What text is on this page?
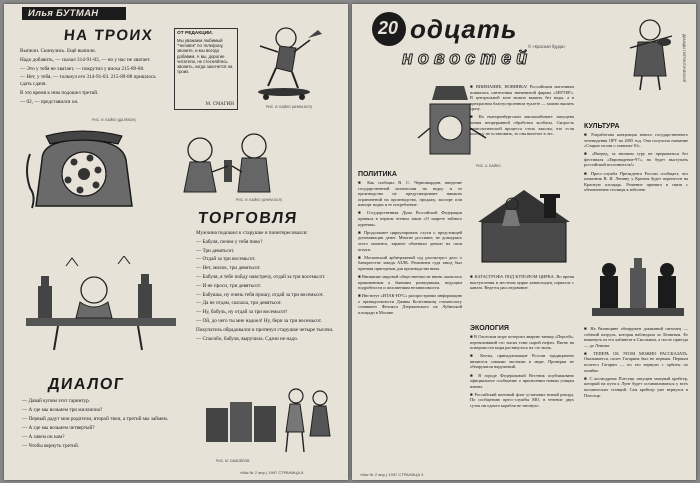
Илья БУТМАН
НА ТРОИХ

Выпили. Скинулись. Ещё выпили.

Надо добавить, — сказал 314-91-03, — но у нас не хватает.

— Это у тебя не хватает, — покрутил у виска 215-89-88.

— Нет, у тебя, — толкнул его 314-91-03. 215-89-88 пришлось сдать сдачи.

В это время к ним подошел третий.

— 02, — представился он.

ОТ РЕДАКЦИИ.
Мы уважаем любимый "человек" по телефону, звоните, и мы всегда добавим. А вы, дорогие читатели, не стесняйтесь звонить, когда захочется на троих.
М. СМАГИН
РИС. И. БАЙКО (АНИМ-КОЛ)
РИС. И. БАЙКО (ДАЛЕКОЕ)
РИС. И. БАЙКО (АНИМ-КОЛ)
ТОРГОВЛЯ

Мужчина подошел к старушке и поинтересовался:

— Бабуля, почем у тебя пиво?

— Три девятьсот.

— Отдай за три восемьсот.

— Нет, милок, три девятьсот.

— Бабуля, я тебе пойду навстречу, отдай за три восемьсот.

— И не проси, три девятьсот.

— Бабушка, ну очень тебя прошу, отдай за три восемьсот.

— Да не отдам, сказала, три девятьсот.

— Ну, бабуль, ну отдай за три восемьсот!

— Ой, до чего ты мне надоел! Ну, бери за три восемьсот.

Покупатель обрадовался и протянул старушке четыре тысячи.

— Спасибо, бабуля, выручила. Сдачи не надо.

ДИАЛОГ

— Давай купим этот гарнитур.

— А где мы возьмем три миллиона?

— Первый дадут мои родители, второй твои, а третий мы займем.

— А где мы возьмем четвертый?

— А зачем он нам?

— Чтобы вернуть третий.

РИС. М. САМОЙЛОВ
«Мы Nr 2 апр.) 1997 СТРАНИЦА 8
20 одцать
новостей
© «Красная бурда»
ПОЛИТИКА

■ Как сообщил В. С. Черномырдин, введение государственной монополии на водку и ее производство не предусматривает никаких ограничений на производство, продажу, экспорт или импорт водки и ее потребление.

■ Государственная Дума Российской Федерации приняла в первом чтении закон «О запрете тайного курения».

■ Продолжают циркулировать слухи о предстоящей дономинации денег. Многие россияне, не дожидаясь этого момента, заранее обменяли деньги на свои штуки.

■ Московский арбитражный суд рассмотрел дело о банкротстве завода АЗЛК. Решением суда завод был признан пригодным для производства вина.

■ Внимание мировой общественности вновь оказалось прикованным к бывшим разведчикам, ведущим подробности и положениям независимости.

■ Институт «ИТАК-НУС» распространил информацию о принадлежности Дживы Колесникову стоматологу стоявшего Феликса Дзержинского на Лубянской площади в Москве.

■ ВНИМАНИЕ, НОВИНКА! Российским магазинам появилась сантехника знаменитой фирмы «ЗЕРТЕР». В центральной зоне можно выпить без воды, а в прекрасном благоустроенном туалете — можно выпить сразу.

■ На екатеринбургском мясокомбинате запущена линия непрерывной обработки колбасы. Скорость технологической процесса столь высока, что если колбасу не остановить, то она вылетит в лес.

■ КАТАСТРОФА ПОД КУПОЛОМ ЦИРКА. Во время выступления в местном цирке канатоходец сорвался с каната. Ведется расследование.

ЭКОЛОГИЯ

■ В Охотском море потерпел аварию танкер «Персей», перевозивший сто тысяч тонн сырой нефти. Пятно на поверхности моря растянулось на сто миль.

■ Котлы, принадлежащие России традиционно являются самыми чистыми в мире. Проверки не обнаружили нарушений.

■ В городе Федеральный Вестник опубликовано официальное сообщение о присвоении новым улицам имени.

■ Российский военный флот установил новый рекорд. По сообщению пресс-службы МО, в течение двух суток ни одного корабля не затонуло.

КУЛЬТУРА

■ Разработана концепция нового государственного телевидения ОРТ на 2005 год. Она получила название «Старые песни о главном-10».

■ «Вперед, за звонком гуру не прерываться без фестиваля «Евровидение-97», но будет выступать российский исполнитель!»

■ Пресс-служба Президента России сообщает, что памятник В. И. Ленину у Кремля будет перенесен на Красную площадь. Решение принято в связи с обновлением столицы к юбилею.

■ На Рязанщине обнаружен домашний питомец — собачий патруль, которая наблюдала за Лениным. Ее выкинуть из его кабинета в Смольном, а после приезда — до Ленина.

■ ТЕПЕРЬ ОБ ЭТОМ МОЖНО РАССКАЗАТЬ. Оказывается, полет Гагарина был не первым. Первым полетел Гагарин — но его вернули с орбиты по ошибке.

■ С космодрома Плесецк запущен мощный крейсер, который на пути к Луне будет останавливаться у всех космических станций. Сам крейсер уже вернулся в Плесецк.

РИС. А. БАЙКО
ДВАЖДЫ ПАТРИОТИЧЕСКИЙ
«Мы Nr 2 апр.) 1997 СТРАНИЦА 9
